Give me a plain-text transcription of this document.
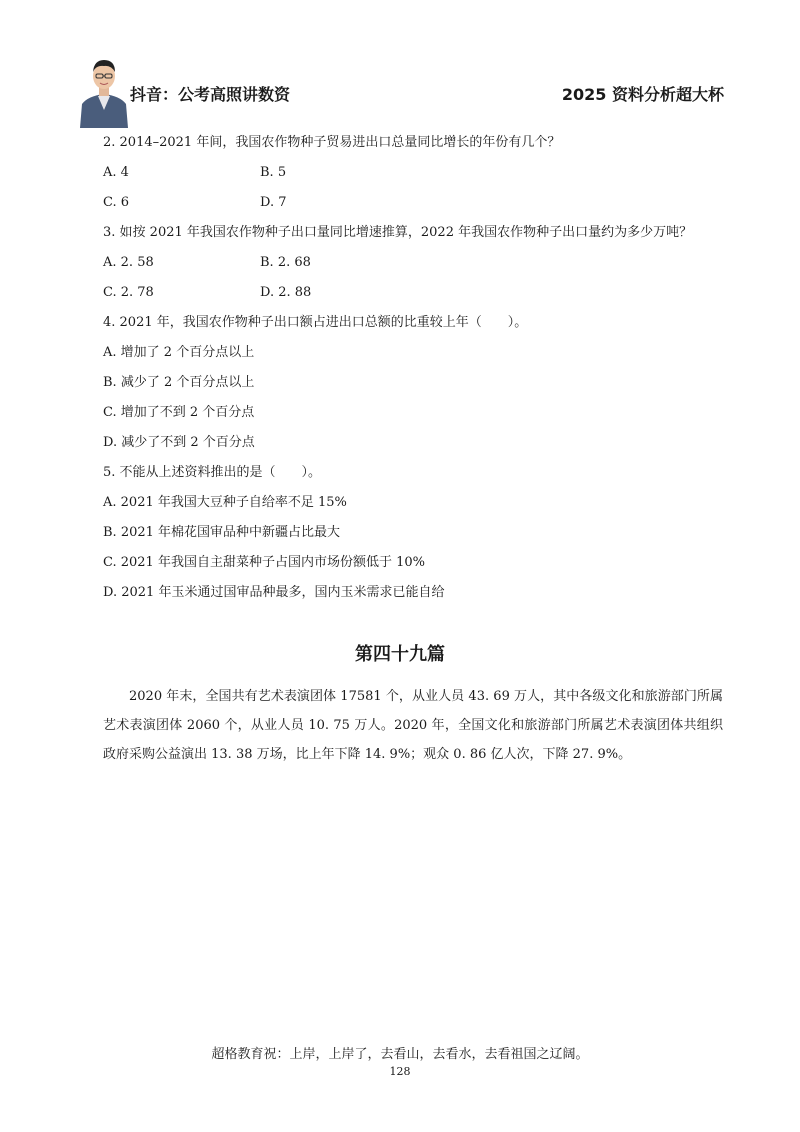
抖音：公考高照讲数资	2025 资料分析超大杯
2. 2014–2021 年间，我国农作物种子贸易进出口总量同比增长的年份有几个？
A. 4	B. 5
C. 6	D. 7
3. 如按 2021 年我国农作物种子出口量同比增速推算，2022 年我国农作物种子出口量约为多少万吨？
A. 2. 58	B. 2. 68
C. 2. 78	D. 2. 88
4. 2021 年，我国农作物种子出口额占进出口总额的比重较上年（　　）。
A. 增加了 2 个百分点以上
B. 减少了 2 个百分点以上
C. 增加了不到 2 个百分点
D. 减少了不到 2 个百分点
5. 不能从上述资料推出的是（　　）。
A. 2021 年我国大豆种子自给率不足 15%
B. 2021 年棉花国审品种中新疆占比最大
C. 2021 年我国自主甜菜种子占国内市场份额低于 10%
D. 2021 年玉米通过国审品种最多，国内玉米需求已能自给
第四十九篇
2020 年末，全国共有艺术表演团体 17581 个，从业人员 43. 69 万人，其中各级文化和旅游部门所属艺术表演团体 2060 个，从业人员 10. 75 万人。2020 年，全国文化和旅游部门所属艺术表演团体共组织政府采购公益演出 13. 38 万场，比上年下降 14. 9%；观众 0. 86 亿人次，下降 27. 9%。
超格教育祝：上岸，上岸了，去看山，去看水，去看祖国之辽阔。
128
